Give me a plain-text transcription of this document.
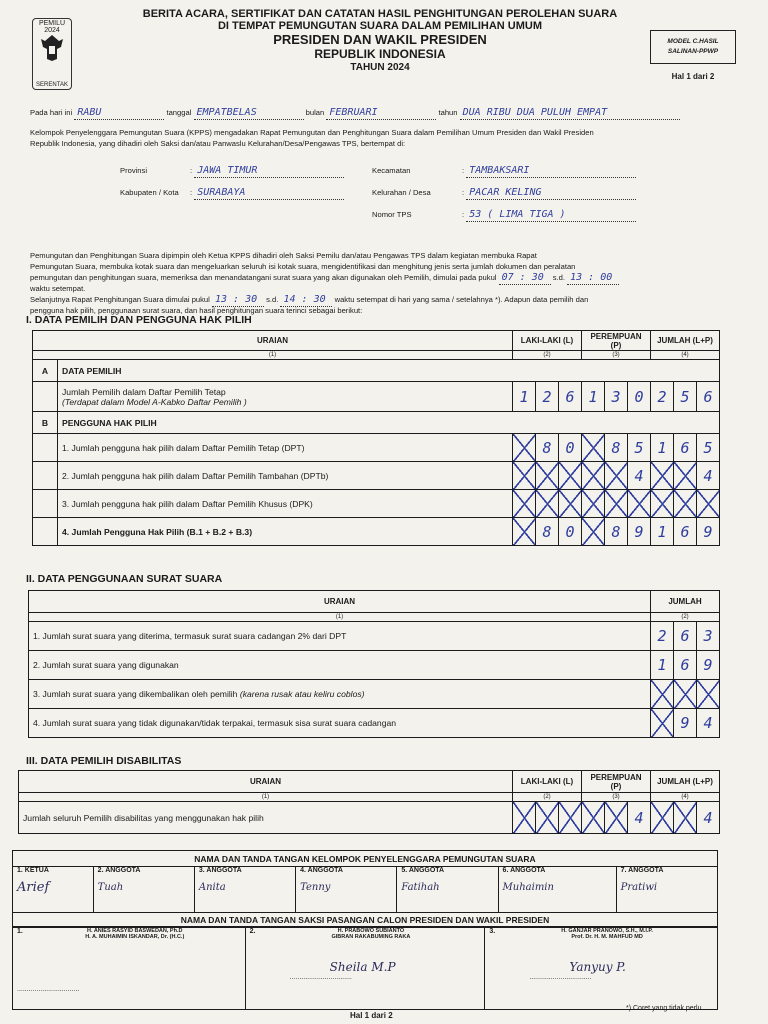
PEMILU 2024
SERENTAK
BERITA ACARA, SERTIFIKAT DAN CATATAN HASIL PENGHITUNGAN PEROLEHAN SUARA
DI TEMPAT PEMUNGUTAN SUARA DALAM PEMILIHAN UMUM
PRESIDEN DAN WAKIL PRESIDEN
REPUBLIK INDONESIA
TAHUN 2024
MODEL C.HASIL
SALINAN-PPWP
Hal 1 dari 2
Pada hari ini RABU	tanggal EMPATBELAS	bulan FEBRUARI	tahun DUA RIBU DUA PULUH EMPAT
Kelompok Penyelenggara Pemungutan Suara (KPPS) mengadakan Rapat Pemungutan dan Penghitungan Suara dalam Pemilihan Umum Presiden dan Wakil Presiden
Republik Indonesia, yang dihadiri oleh Saksi dan/atau Panwaslu Kelurahan/Desa/Pengawas TPS, bertempat di:
Provinsi	: JAWA TIMUR
Kabupaten / Kota : SURABAYA
Kecamatan	: TAMBAKSARI
Kelurahan / Desa	: PACAR KELING
Nomor TPS	: 53 ( LIMA TIGA )
Pemungutan dan Penghitungan Suara dipimpin oleh Ketua KPPS dihadiri oleh Saksi Pemilu dan/atau Pengawas TPS dalam kegiatan membuka Rapat
Pemungutan Suara, membuka kotak suara dan mengeluarkan seluruh isi kotak suara, mengidentifikasi dan menghitung jenis serta jumlah dokumen dan peralatan
pemungutan dan penghitungan suara, memeriksa dan menandatangani surat suara yang akan digunakan oleh Pemilih, dimulai pada pukul 07 : 30 s.d. 13 : 00
waktu setempat.
Selanjutnya Rapat Penghitungan Suara dimulai pukul 13 : 30 s.d. 14 : 30 waktu setempat di hari yang sama / setelahnya *). Adapun data pemilih dan
pengguna hak pilih, penggunaan surat suara, dan hasil penghitungan suara terinci sebagai berikut:
I. DATA PEMILIH DAN PENGGUNA HAK PILIH
URAIAN		LAKI-LAKI (L)			PEREMPUAN (P)			JUMLAH (L+P)		
(1)		(2)			(3)			(4)		
A	DATA PEMILIH									

	Jumlah Pemilih dalam Daftar Pemilih Tetap
(Terdapat dalam Model A-Kabko Daftar Pemilih )	1	2	6	1	3	0	2	5	6
B	PENGGUNA HAK PILIH									
	1. Jumlah pengguna hak pilih dalam Daftar Pemilih Tetap (DPT)		8	0		8	5	1	6	5
	2. Jumlah pengguna hak pilih dalam Daftar Pemilih Tambahan (DPTb)						4			4
	3. Jumlah pengguna hak pilih dalam Daftar Pemilih Khusus (DPK)									
	4. Jumlah Pengguna Hak Pilih (B.1 + B.2 + B.3)		8	0		8	9	1	6	9
II. DATA PENGGUNAAN SURAT SUARA
URAIAN	JUMLAH		
(1)	(2)		
1. Jumlah surat suara yang diterima, termasuk surat suara cadangan 2% dari DPT	2	6	3
2. Jumlah surat suara yang digunakan	1	6	9
3. Jumlah surat suara yang dikembalikan oleh pemilih (karena rusak atau keliru coblos)			
4. Jumlah surat suara yang tidak digunakan/tidak terpakai, termasuk sisa surat suara cadangan		9	4
III. DATA PEMILIH DISABILITAS
URAIAN	LAKI-LAKI (L)			PEREMPUAN (P)			JUMLAH (L+P)		
(1)	(2)			(3)			(4)		
Jumlah seluruh Pemilih disabilitas yang menggunakan hak pilih						4			4
NAMA DAN TANDA TANGAN KELOMPOK PENYELENGGARA PEMUNGUTAN SUARA
1. KETUA
Arief
	2. ANGGOTA
Tuah
	3. ANGGOTA
Anita
	4. ANGGOTA
Tenny
	5. ANGGOTA
Fatihah
	6. ANGGOTA
Muhaimin
	7. ANGGOTA
Pratiwi

NAMA DAN TANDA TANGAN SAKSI PASANGAN CALON PRESIDEN DAN WAKIL PRESIDEN
1.	H. ANIES RASYID BASWEDAN, Ph.D
H. A. MUHAIMIN ISKANDAR, Dr. (H.C.)
................................

2.	H. PRABOWO SUBIANTO
GIBRAN RAKABUMING RAKA
Sheila M.P
................................

3.	H. GANJAR PRANOWO, S.H., M.I.P.
Prof. Dr. H. M. MAHFUD MD
Yanyuy P.
................................
Hal 1 dari 2
*) Coret yang tidak perlu
